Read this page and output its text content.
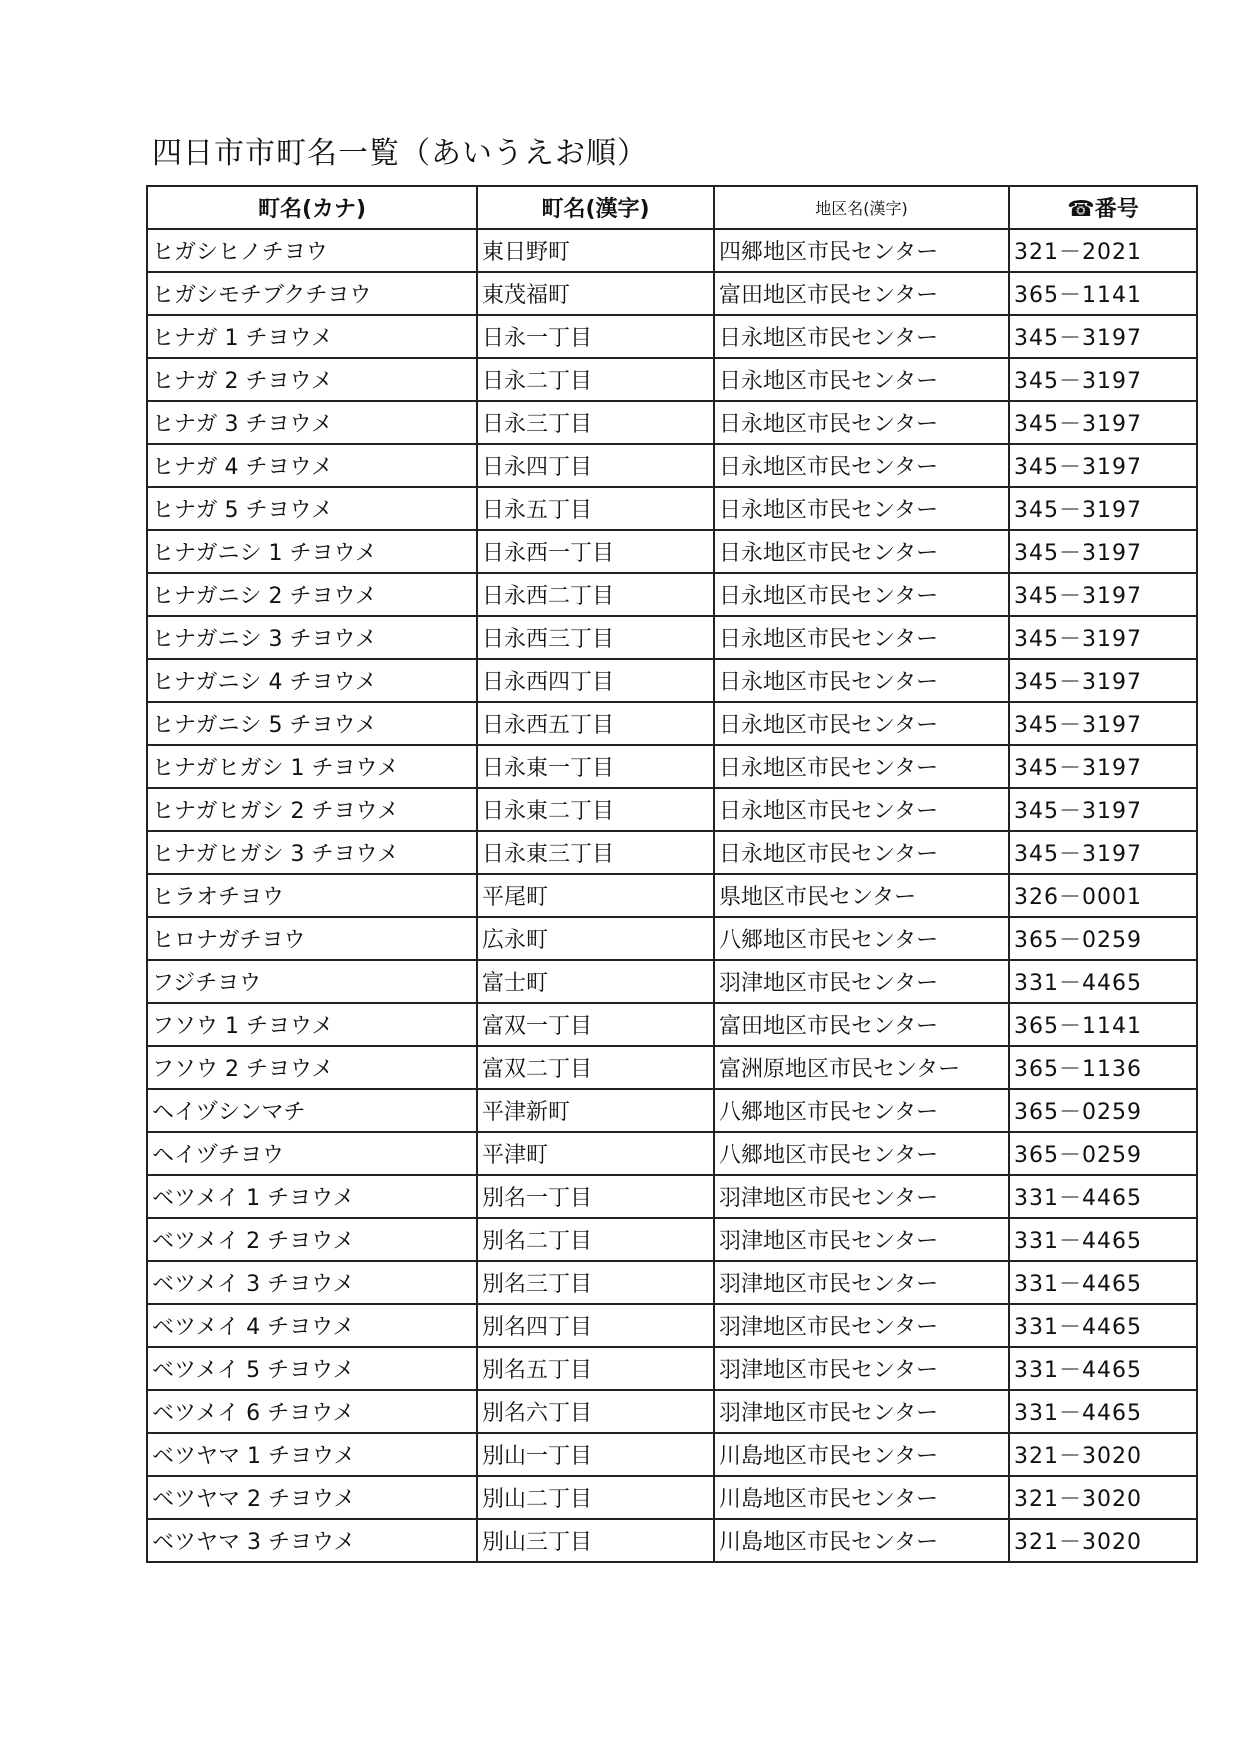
四日市市町名一覧（あいうえお順）
町名(カナ)	町名(漢字)	地区名(漢字)	☎番号
ヒガシヒノチヨウ	東日野町	四郷地区市民センター	321－2021
ヒガシモチブクチヨウ	東茂福町	富田地区市民センター	365－1141
ヒナガ 1 チヨウメ	日永一丁目	日永地区市民センター	345－3197
ヒナガ 2 チヨウメ	日永二丁目	日永地区市民センター	345－3197
ヒナガ 3 チヨウメ	日永三丁目	日永地区市民センター	345－3197
ヒナガ 4 チヨウメ	日永四丁目	日永地区市民センター	345－3197
ヒナガ 5 チヨウメ	日永五丁目	日永地区市民センター	345－3197
ヒナガニシ 1 チヨウメ	日永西一丁目	日永地区市民センター	345－3197
ヒナガニシ 2 チヨウメ	日永西二丁目	日永地区市民センター	345－3197
ヒナガニシ 3 チヨウメ	日永西三丁目	日永地区市民センター	345－3197
ヒナガニシ 4 チヨウメ	日永西四丁目	日永地区市民センター	345－3197
ヒナガニシ 5 チヨウメ	日永西五丁目	日永地区市民センター	345－3197
ヒナガヒガシ 1 チヨウメ	日永東一丁目	日永地区市民センター	345－3197
ヒナガヒガシ 2 チヨウメ	日永東二丁目	日永地区市民センター	345－3197
ヒナガヒガシ 3 チヨウメ	日永東三丁目	日永地区市民センター	345－3197
ヒラオチヨウ	平尾町	県地区市民センター	326－0001
ヒロナガチヨウ	広永町	八郷地区市民センター	365－0259
フジチヨウ	富士町	羽津地区市民センター	331－4465
フソウ 1 チヨウメ	富双一丁目	富田地区市民センター	365－1141
フソウ 2 チヨウメ	富双二丁目	富洲原地区市民センター	365－1136
ヘイヅシンマチ	平津新町	八郷地区市民センター	365－0259
ヘイヅチヨウ	平津町	八郷地区市民センター	365－0259
ベツメイ 1 チヨウメ	別名一丁目	羽津地区市民センター	331－4465
ベツメイ 2 チヨウメ	別名二丁目	羽津地区市民センター	331－4465
ベツメイ 3 チヨウメ	別名三丁目	羽津地区市民センター	331－4465
ベツメイ 4 チヨウメ	別名四丁目	羽津地区市民センター	331－4465
ベツメイ 5 チヨウメ	別名五丁目	羽津地区市民センター	331－4465
ベツメイ 6 チヨウメ	別名六丁目	羽津地区市民センター	331－4465
ベツヤマ 1 チヨウメ	別山一丁目	川島地区市民センター	321－3020
ベツヤマ 2 チヨウメ	別山二丁目	川島地区市民センター	321－3020
ベツヤマ 3 チヨウメ	別山三丁目	川島地区市民センター	321－3020
